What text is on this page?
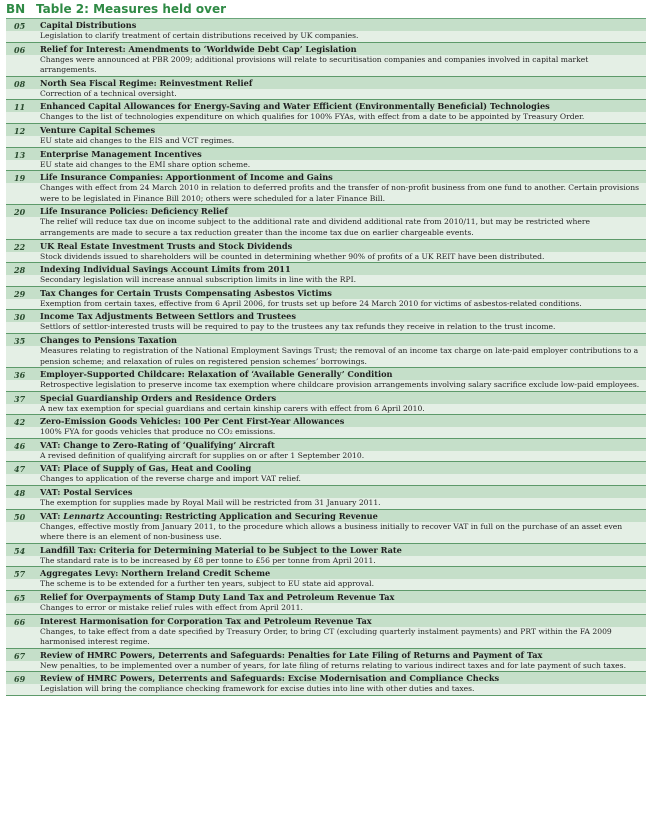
BN Table 2: Measures held over
05	Capital Distributions
Legislation to clarify treatment of certain distributions received by UK companies.
06	Relief for Interest: Amendments to ‘Worldwide Debt Cap’ Legislation
Changes were announced at PBR 2009; additional provisions will relate to securitisation companies and companies involved in capital market arrangements.
08	North Sea Fiscal Regime: Reinvestment Relief
Correction of a technical oversight.
11	Enhanced Capital Allowances for Energy-Saving and Water Efficient (Environmentally Beneficial) Technologies
Changes to the list of technologies expenditure on which qualifies for 100% FYAs, with effect from a date to be appointed by Treasury Order.
12	Venture Capital Schemes
EU state aid changes to the EIS and VCT regimes.
13	Enterprise Management Incentives
EU state aid changes to the EMI share option scheme.
19	Life Insurance Companies: Apportionment of Income and Gains
Changes with effect from 24 March 2010 in relation to deferred profits and the transfer of non-profit business from one fund to another. Certain provisions were to be legislated in Finance Bill 2010; others were scheduled for a later Finance Bill.
20	Life Insurance Policies: Deficiency Relief
The relief will reduce tax due on income subject to the additional rate and dividend additional rate from 2010/11, but may be restricted where arrangements are made to secure a tax reduction greater than the income tax due on earlier chargeable events.
22	UK Real Estate Investment Trusts and Stock Dividends
Stock dividends issued to shareholders will be counted in determining whether 90% of profits of a UK REIT have been distributed.
28	Indexing Individual Savings Account Limits from 2011
Secondary legislation will increase annual subscription limits in line with the RPI.
29	Tax Changes for Certain Trusts Compensating Asbestos Victims
Exemption from certain taxes, effective from 6 April 2006, for trusts set up before 24 March 2010 for victims of asbestos-related conditions.
30	Income Tax Adjustments Between Settlors and Trustees
Settlors of settlor-interested trusts will be required to pay to the trustees any tax refunds they receive in relation to the trust income.
35	Changes to Pensions Taxation
Measures relating to registration of the National Employment Savings Trust; the removal of an income tax charge on late-paid employer contributions to a pension scheme; and relaxation of rules on registered pension schemes’ borrowings.
36	Employer-Supported Childcare: Relaxation of ‘Available Generally’ Condition
Retrospective legislation to preserve income tax exemption where childcare provision arrangements involving salary sacrifice exclude low-paid employees.
37	Special Guardianship Orders and Residence Orders
A new tax exemption for special guardians and certain kinship carers with effect from 6 April 2010.
42	Zero-Emission Goods Vehicles: 100 Per Cent First-Year Allowances
100% FYA for goods vehicles that produce no CO₂ emissions.
46	VAT: Change to Zero-Rating of ‘Qualifying’ Aircraft
A revised definition of qualifying aircraft for supplies on or after 1 September 2010.
47	VAT: Place of Supply of Gas, Heat and Cooling
Changes to application of the reverse charge and import VAT relief.
48	VAT: Postal Services
The exemption for supplies made by Royal Mail will be restricted from 31 January 2011.
50	VAT: Lennartz Accounting: Restricting Application and Securing Revenue
Changes, effective mostly from January 2011, to the procedure which allows a business initially to recover VAT in full on the purchase of an asset even where there is an element of non-business use.
54	Landfill Tax: Criteria for Determining Material to be Subject to the Lower Rate
The standard rate is to be increased by £8 per tonne to £56 per tonne from April 2011.
57	Aggregates Levy: Northern Ireland Credit Scheme
The scheme is to be extended for a further ten years, subject to EU state aid approval.
65	Relief for Overpayments of Stamp Duty Land Tax and Petroleum Revenue Tax
Changes to error or mistake relief rules with effect from April 2011.
66	Interest Harmonisation for Corporation Tax and Petroleum Revenue Tax
Changes, to take effect from a date specified by Treasury Order, to bring CT (excluding quarterly instalment payments) and PRT within the FA 2009 harmonised interest regime.
67	Review of HMRC Powers, Deterrents and Safeguards: Penalties for Late Filing of Returns and Payment of Tax
New penalties, to be implemented over a number of years, for late filing of returns relating to various indirect taxes and for late payment of such taxes.
69	Review of HMRC Powers, Deterrents and Safeguards: Excise Modernisation and Compliance Checks
Legislation will bring the compliance checking framework for excise duties into line with other duties and taxes.
